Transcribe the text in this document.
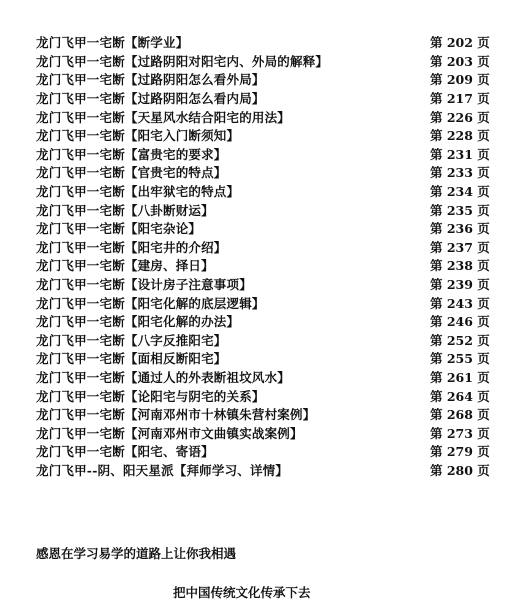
龙门飞甲一宅断【断学业】	第 202 页
龙门飞甲一宅断【过路阴阳对阳宅内、外局的解释】	第 203 页
龙门飞甲一宅断【过路阴阳怎么看外局】	第 209 页
龙门飞甲一宅断【过路阴阳怎么看内局】	第 217 页
龙门飞甲一宅断【天星风水结合阳宅的用法】	第 226 页
龙门飞甲一宅断【阳宅入门断须知】	第 228 页
龙门飞甲一宅断【富贵宅的要求】	第 231 页
龙门飞甲一宅断【官贵宅的特点】	第 233 页
龙门飞甲一宅断【出牢狱宅的特点】	第 234 页
龙门飞甲一宅断【八卦断财运】	第 235 页
龙门飞甲一宅断【阳宅杂论】	第 236 页
龙门飞甲一宅断【阳宅井的介绍】	第 237 页
龙门飞甲一宅断【建房、择日】	第 238 页
龙门飞甲一宅断【设计房子注意事项】	第 239 页
龙门飞甲一宅断【阳宅化解的底层逻辑】	第 243 页
龙门飞甲一宅断【阳宅化解的办法】	第 246 页
龙门飞甲一宅断【八字反推阳宅】	第 252 页
龙门飞甲一宅断【面相反断阳宅】	第 255 页
龙门飞甲一宅断【通过人的外表断祖坟风水】	第 261 页
龙门飞甲一宅断【论阳宅与阴宅的关系】	第 264 页
龙门飞甲一宅断【河南邓州市十林镇朱营村案例】	第 268 页
龙门飞甲一宅断【河南邓州市文曲镇实战案例】	第 273 页
龙门飞甲一宅断【阳宅、寄语】	第 279 页
龙门飞甲--阴、阳天星派【拜师学习、详情】	第 280 页
感恩在学习易学的道路上让你我相遇
把中国传统文化传承下去
